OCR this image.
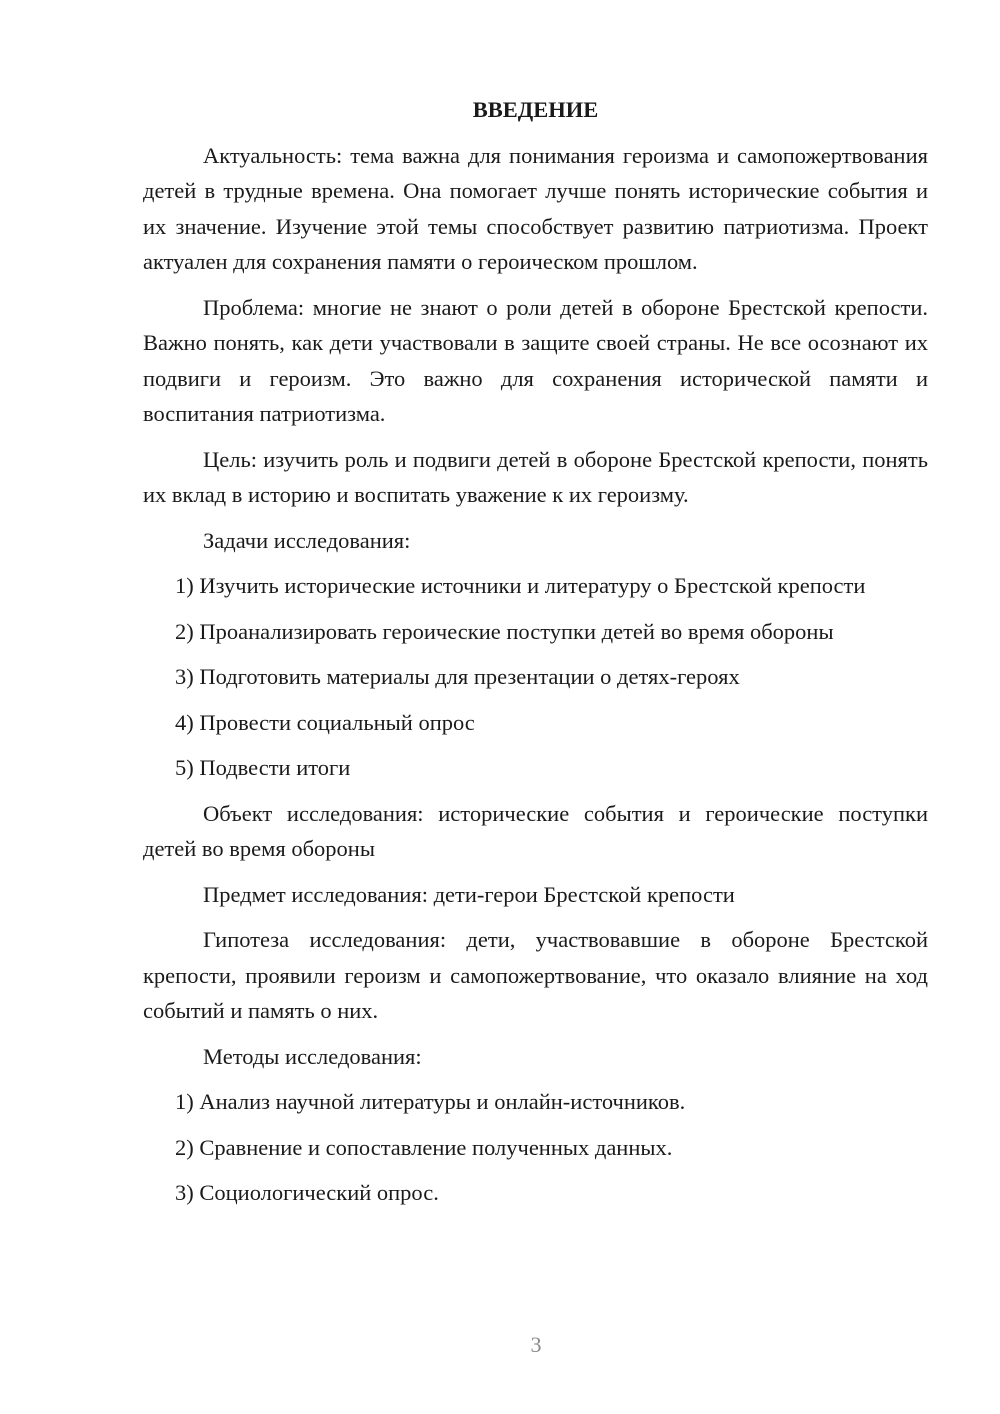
ВВЕДЕНИЕ

Актуальность: тема важна для понимания героизма и самопожертвования детей в трудные времена. Она помогает лучше понять исторические события и их значение. Изучение этой темы способствует развитию патриотизма. Проект актуален для сохранения памяти о героическом прошлом.

Проблема: многие не знают о роли детей в обороне Брестской крепости. Важно понять, как дети участвовали в защите своей страны. Не все осознают их подвиги и героизм. Это важно для сохранения исторической памяти и воспитания патриотизма.

Цель: изучить роль и подвиги детей в обороне Брестской крепости, понять их вклад в историю и воспитать уважение к их героизму.

Задачи исследования:

1) Изучить исторические источники и литературу о Брестской крепости

2) Проанализировать героические поступки детей во время обороны

3) Подготовить материалы для презентации о детях-героях

4) Провести социальный опрос

5) Подвести итоги

Объект исследования: исторические события и героические поступки детей во время обороны

Предмет исследования: дети-герои Брестской крепости

Гипотеза исследования: дети, участвовавшие в обороне Брестской крепости, проявили героизм и самопожертвование, что оказало влияние на ход событий и память о них.

Методы исследования:

1) Анализ научной литературы и онлайн-источников.

2) Сравнение и сопоставление полученных данных.

3) Социологический опрос.

3
